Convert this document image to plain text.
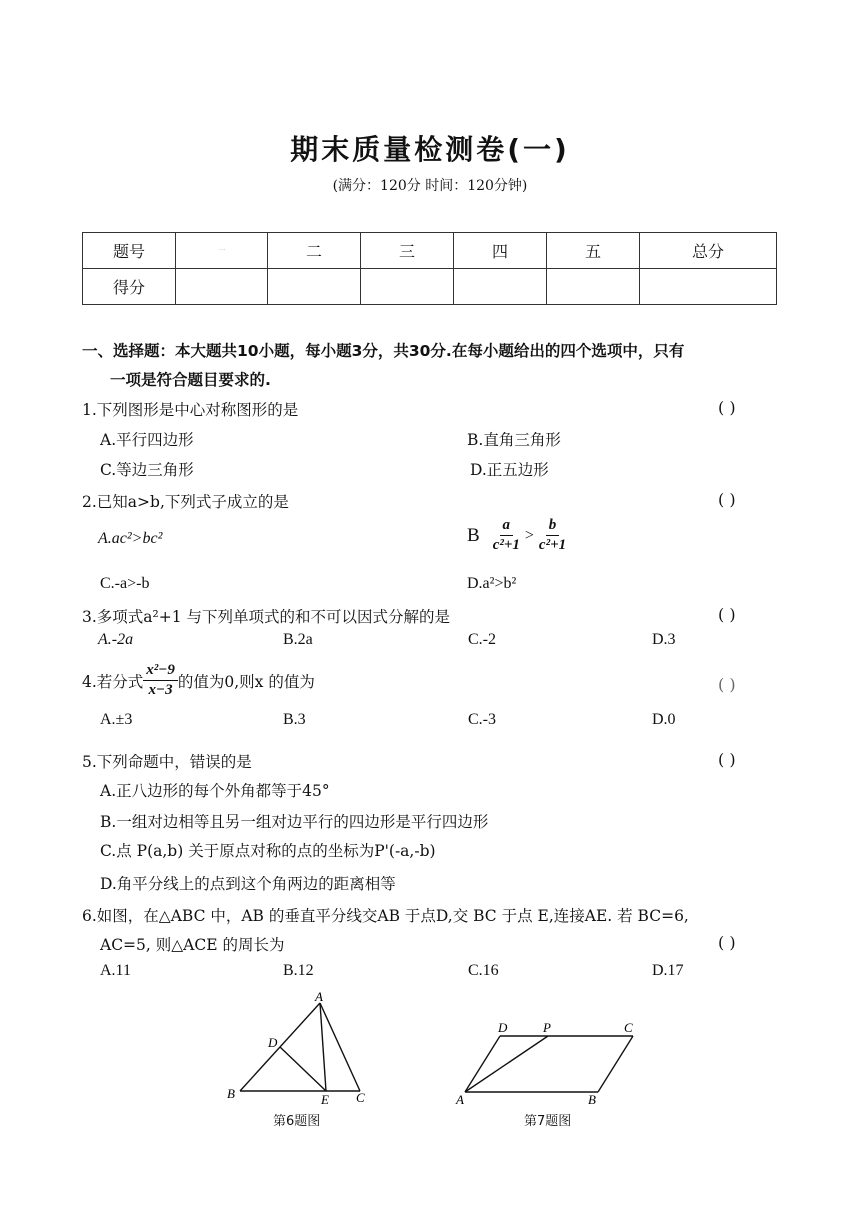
期末质量检测卷(一)
(满分：120分 时间：120分钟)
题号	一	二	三	四	五	总分
得分						
一、选择题：本大题共10小题，每小题3分，共30分.在每小题给出的四个选项中，只有
一项是符合题目要求的.
1.下列图形是中心对称图形的是	( )
A.平行四边形	B.直角三角形
C.等边三角形	D.正五边形
2.已知a>b,下列式子成立的是	( )
A.ac²>bc²	B $\frac{a}{\text{c²+1}} > \frac{b}{\text{c²+1}}$
C.-a>-b	D.a²>b²
3.多项式a²+1 与下列单项式的和不可以因式分解的是	( )
A.-2a	B.2a	C.-2	D.3
4.若分式 $\frac{\text{x²−9}}{x-3}$ 的值为0,则x 的值为	( )
A.±3	B.3	C.-3	D.0
5.下列命题中，错误的是	( )
A.正八边形的每个外角都等于45°
B.一组对边相等且另一组对边平行的四边形是平行四边形
C.点 P(a,b) 关于原点对称的点的坐标为P'(-a,-b)
D.角平分线上的点到这个角两边的距离相等
6.如图，在△ABC 中，AB 的垂直平分线交AB 于点D,交 BC 于点 E,连接AE. 若 BC=6,
AC=5, 则△ACE 的周长为	( )
A.11	B.12	C.16	D.17
A
B	C
D
E
第6题图
D	P	C
A	B
第7题图
